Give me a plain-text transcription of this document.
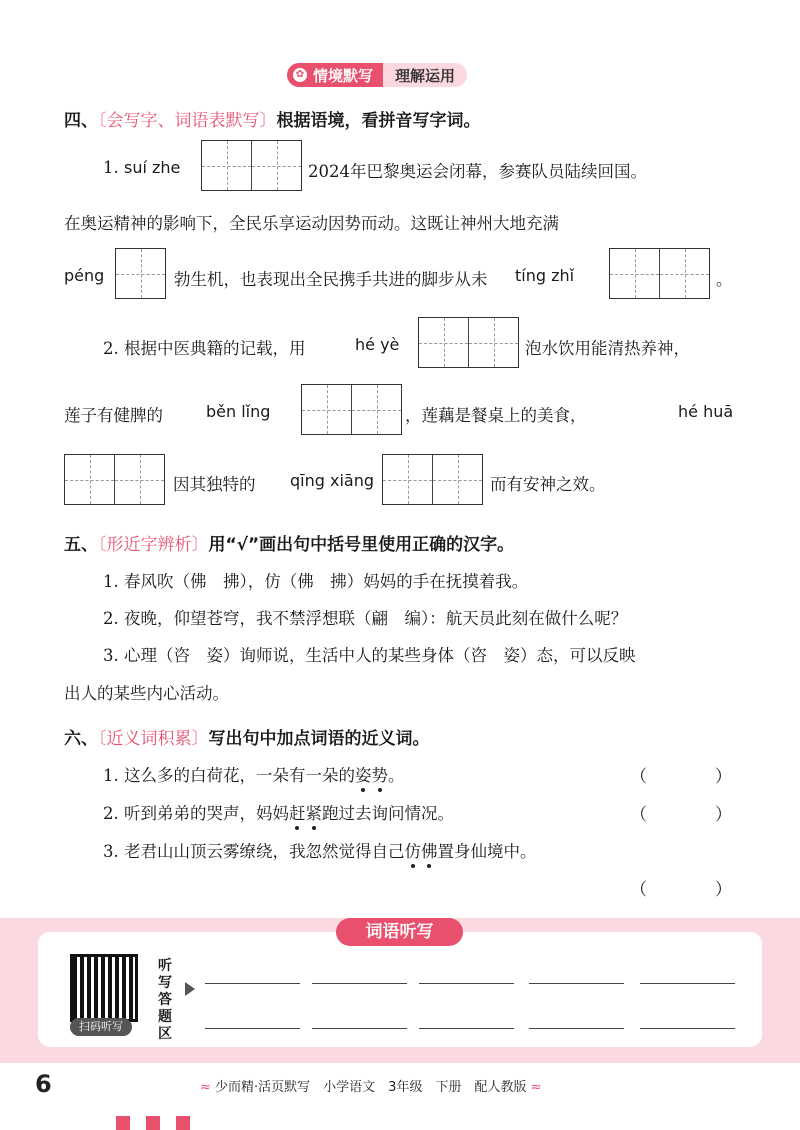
✿ 情境默写	理解运用
四、〔会写字、词语表默写〕根据语境，看拼音写字词。
1. suí zhe	2024年巴黎奥运会闭幕，参赛队员陆续回国。
在奥运精神的影响下，全民乐享运动因势而动。这既让神州大地充满
péng	勃生机，也表现出全民携手共进的脚步从未 tíng zhǐ	。
2. 根据中医典籍的记载，用	hé yè	泡水饮用能清热养神，
莲子有健脾的	běn lǐng	，莲藕是餐桌上的美食，	hé huā
因其独特的 qīng xiāng	而有安神之效。
五、〔形近字辨析〕用“√”画出句中括号里使用正确的汉字。
1. 春风吹（佛　拂），仿（佛　拂）妈妈的手在抚摸着我。
2. 夜晚，仰望苍穹，我不禁浮想联（翩　编）：航天员此刻在做什么呢？
3. 心理（咨　姿）询师说，生活中人的某些身体（咨　姿）态，可以反映
出人的某些内心活动。
六、〔近义词积累〕写出句中加点词语的近义词。
1. 这么多的白荷花，一朵有一朵的姿势。	（　　　　）
2. 听到弟弟的哭声，妈妈赶紧跑过去询问情况。	（　　　　）
3. 老君山山顶云雾缭绕，我忽然觉得自己仿佛置身仙境中。
（　　　　）
词语听写
扫码听写
听写答题区
6	≈ 少而精·活页默写　小学语文　3年级　下册　配人教版 ≈
